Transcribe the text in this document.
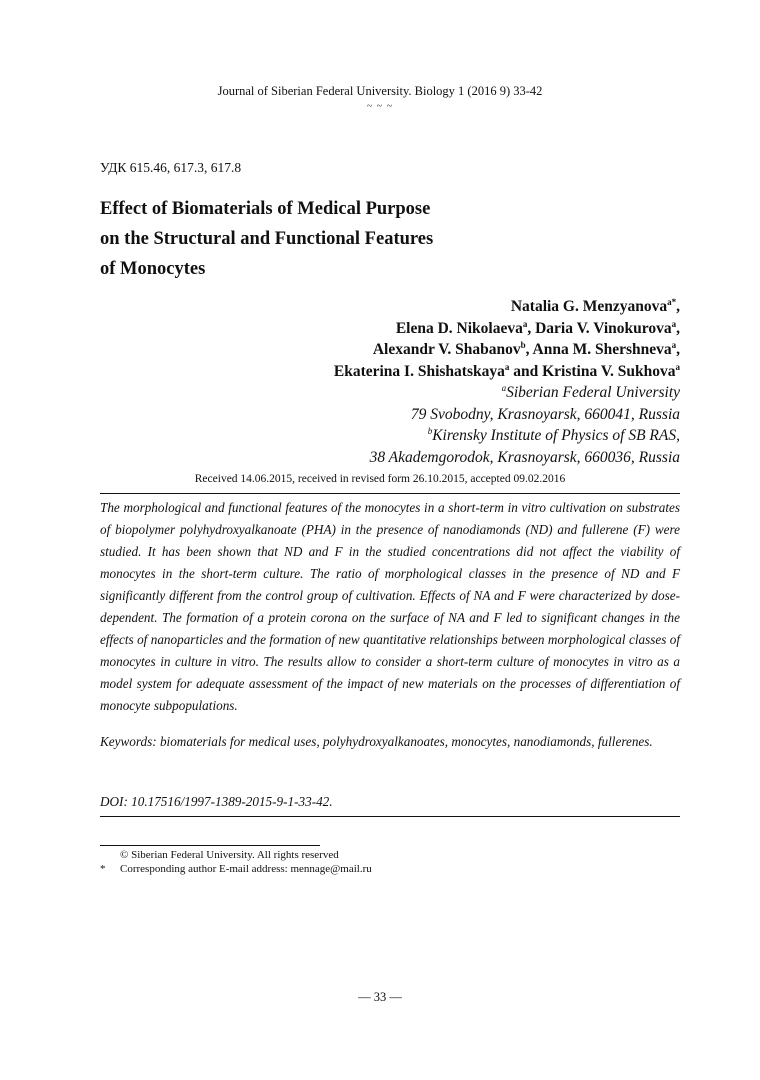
Journal of Siberian Federal University. Biology 1 (2016 9) 33-42
~ ~ ~
УДК 615.46, 617.3, 617.8
Effect of Biomaterials of Medical Purpose
on the Structural and Functional Features
of Monocytes
Natalia G. Menzyanova$^{a*}$,
Elena D. Nikolaeva$^a$, Daria V. Vinokurova$^a$,
Alexandr V. Shabanov$^b$, Anna M. Shershneva$^a$,
Ekaterina I. Shishatskaya$^a$ and Kristina V. Sukhova$^a$
$^a$Siberian Federal University
79 Svobodny, Krasnoyarsk, 660041, Russia
$^b$Kirensky Institute of Physics of SB RAS,
38 Akademgorodok, Krasnoyarsk, 660036, Russia
Received 14.06.2015, received in revised form 26.10.2015, accepted 09.02.2016
The morphological and functional features of the monocytes in a short-term in vitro cultivation on substrates of biopolymer polyhydroxyalkanoate (PHA) in the presence of nanodiamonds (ND) and fullerene (F) were studied. It has been shown that ND and F in the studied concentrations did not affect the viability of monocytes in the short-term culture. The ratio of morphological classes in the presence of ND and F significantly different from the control group of cultivation. Effects of NA and F were characterized by dose-dependent. The formation of a protein corona on the surface of NA and F led to significant changes in the effects of nanoparticles and the formation of new quantitative relationships between morphological classes of monocytes in culture in vitro. The results allow to consider a short-term culture of monocytes in vitro as a model system for adequate assessment of the impact of new materials on the processes of differentiation of monocyte subpopulations.
Keywords: biomaterials for medical uses, polyhydroxyalkanoates, monocytes, nanodiamonds, fullerenes.
DOI: 10.17516/1997-1389-2015-9-1-33-42.
© Siberian Federal University. All rights reserved
*	Corresponding author E-mail address: mennage@mail.ru
— 33 —
